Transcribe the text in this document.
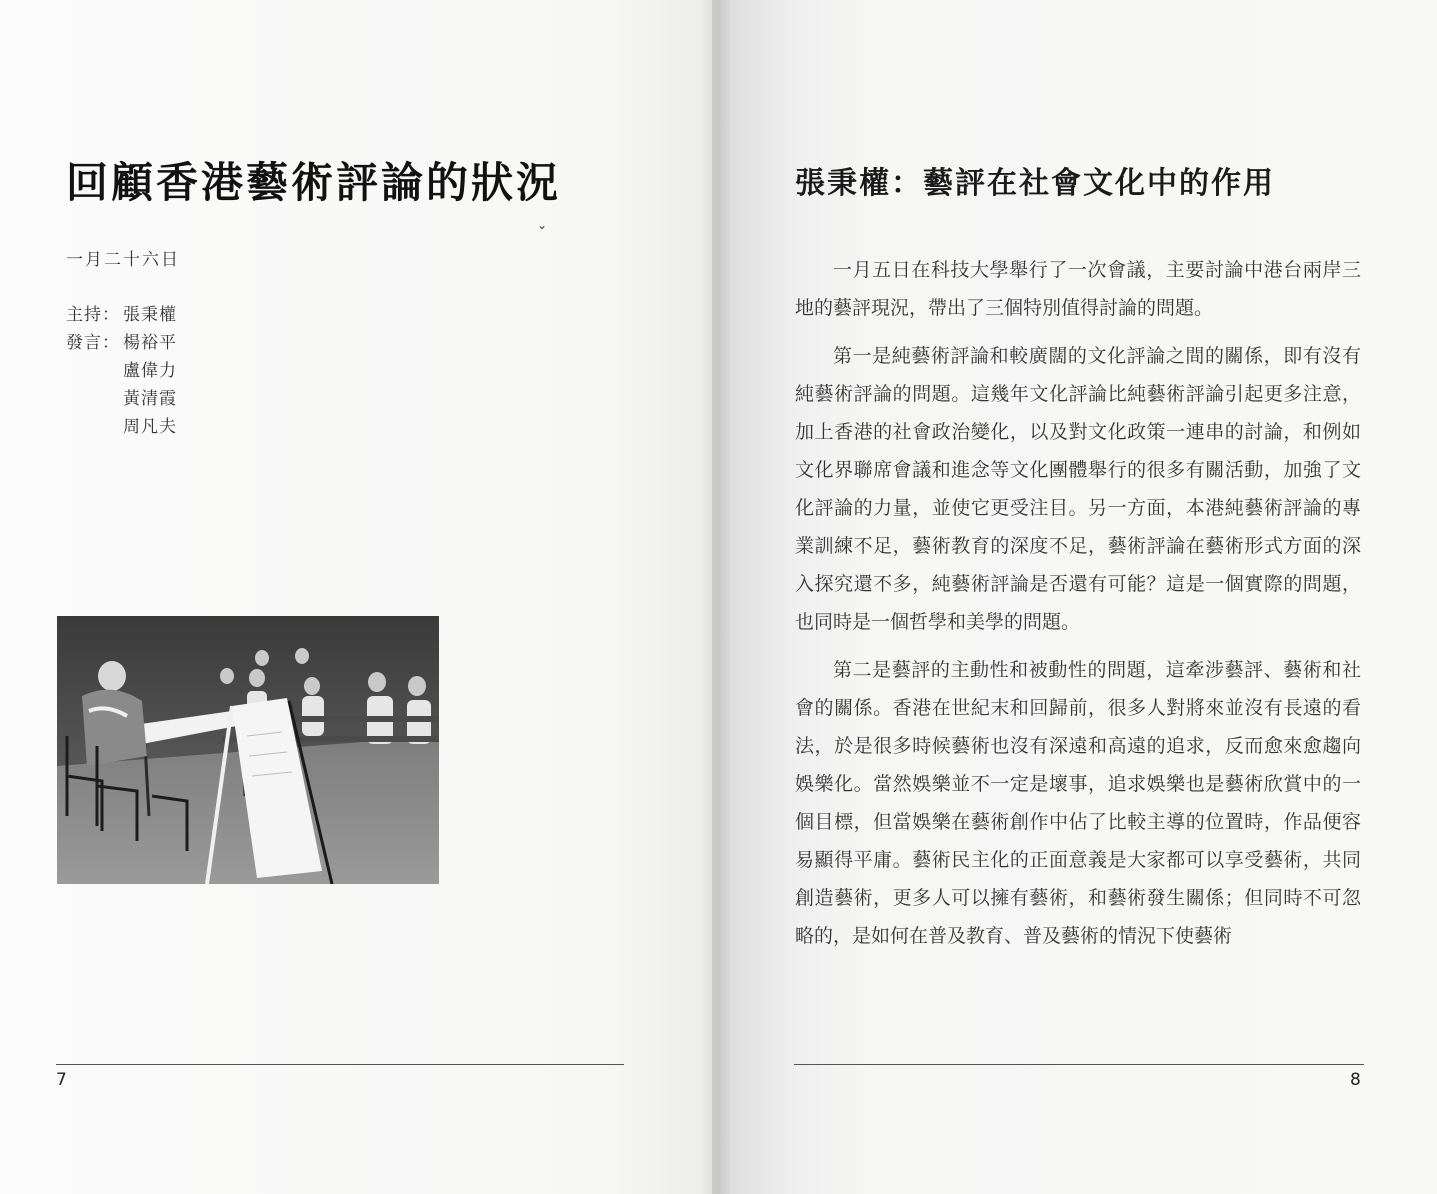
回顧香港藝術評論的狀況
⌄
一月二十六日
主持： 張秉權
發言： 楊裕平
盧偉力
黃清霞
周凡夫
7
張秉權：藝評在社會文化中的作用

一月五日在科技大學舉行了一次會議，主要討論中港台兩岸三地的藝評現況，帶出了三個特別值得討論的問題。

第一是純藝術評論和較廣闊的文化評論之間的關係，即有沒有純藝術評論的問題。這幾年文化評論比純藝術評論引起更多注意，加上香港的社會政治變化，以及對文化政策一連串的討論，和例如文化界聯席會議和進念等文化團體舉行的很多有關活動，加強了文化評論的力量，並使它更受注目。另一方面，本港純藝術評論的專業訓練不足，藝術教育的深度不足，藝術評論在藝術形式方面的深入探究還不多，純藝術評論是否還有可能？這是一個實際的問題，也同時是一個哲學和美學的問題。

第二是藝評的主動性和被動性的問題，這牽涉藝評、藝術和社會的關係。香港在世紀末和回歸前，很多人對將來並沒有長遠的看法，於是很多時候藝術也沒有深遠和高遠的追求，反而愈來愈趨向娛樂化。當然娛樂並不一定是壞事，追求娛樂也是藝術欣賞中的一個目標，但當娛樂在藝術創作中佔了比較主導的位置時，作品便容易顯得平庸。藝術民主化的正面意義是大家都可以享受藝術，共同創造藝術，更多人可以擁有藝術，和藝術發生關係；但同時不可忽略的，是如何在普及教育、普及藝術的情況下使藝術

8
